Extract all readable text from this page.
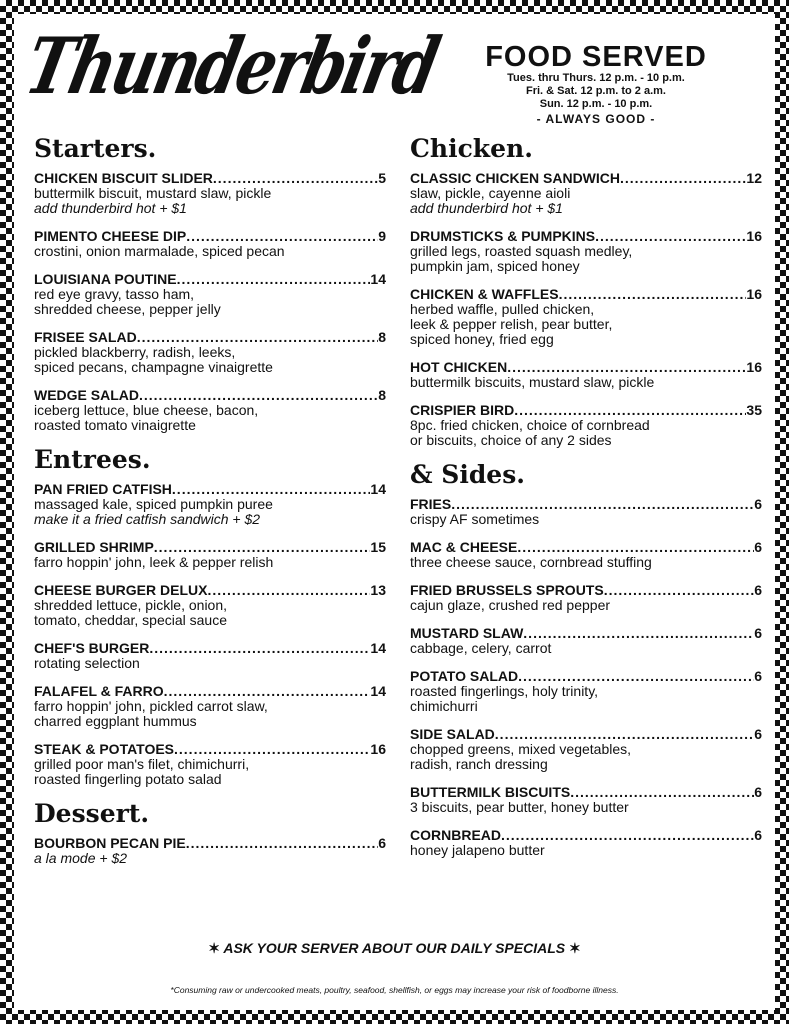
Thunderbird	FOOD SERVED
Tues. thru Thurs. 12 p.m. - 10 p.m.
Fri. & Sat. 12 p.m. to 2 a.m.
Sun. 12 p.m. - 10 p.m.
- ALWAYS GOOD -
Starters.
CHICKEN BISCUIT SLIDER .....	5
buttermilk biscuit, mustard slaw, pickle
add thunderbird hot + $1
PIMENTO CHEESE DIP .....	9
crostini, onion marmalade, spiced pecan
LOUISIANA POUTINE .....	14
red eye gravy, tasso ham,
shredded cheese, pepper jelly
FRISEE SALAD .....	8
pickled blackberry, radish, leeks,
spiced pecans, champagne vinaigrette
WEDGE SALAD .....	8
iceberg lettuce, blue cheese, bacon,
roasted tomato vinaigrette
Entrees.
PAN FRIED CATFISH .....	14
massaged kale, spiced pumpkin puree
make it a fried catfish sandwich + $2
GRILLED SHRIMP .....	15
farro hoppin' john, leek & pepper relish
CHEESE BURGER DELUX .....	13
shredded lettuce, pickle, onion,
tomato, cheddar, special sauce
CHEF'S BURGER .....	14
rotating selection
FALAFEL & FARRO .....	14
farro hoppin' john, pickled carrot slaw,
charred eggplant hummus
STEAK & POTATOES .....	16
grilled poor man's filet, chimichurri,
roasted fingerling potato salad
Dessert.
BOURBON PECAN PIE .....	6
a la mode + $2
Chicken.
CLASSIC CHICKEN SANDWICH .....	12
slaw, pickle, cayenne aioli
add thunderbird hot + $1
DRUMSTICKS & PUMPKINS .....	16
grilled legs, roasted squash medley,
pumpkin jam, spiced honey
CHICKEN & WAFFLES .....	16
herbed waffle, pulled chicken,
leek & pepper relish, pear butter,
spiced honey, fried egg
HOT CHICKEN .....	16
buttermilk biscuits, mustard slaw, pickle
CRISPIER BIRD .....	35
8pc. fried chicken, choice of cornbread
or biscuits, choice of any 2 sides
& Sides.
FRIES .....	6
crispy AF sometimes
MAC & CHEESE .....	6
three cheese sauce, cornbread stuffing
FRIED BRUSSELS SPROUTS .....	6
cajun glaze, crushed red pepper
MUSTARD SLAW .....	6
cabbage, celery, carrot
POTATO SALAD .....	6
roasted fingerlings, holy trinity,
chimichurri
SIDE SALAD .....	6
chopped greens, mixed vegetables,
radish, ranch dressing
BUTTERMILK BISCUITS .....	6
3 biscuits, pear butter, honey butter
CORNBREAD .....	6
honey jalapeno butter
✶ ASK YOUR SERVER ABOUT OUR DAILY SPECIALS ✶
*Consuming raw or undercooked meats, poultry, seafood, shellfish, or eggs may increase your risk of foodborne illness.
